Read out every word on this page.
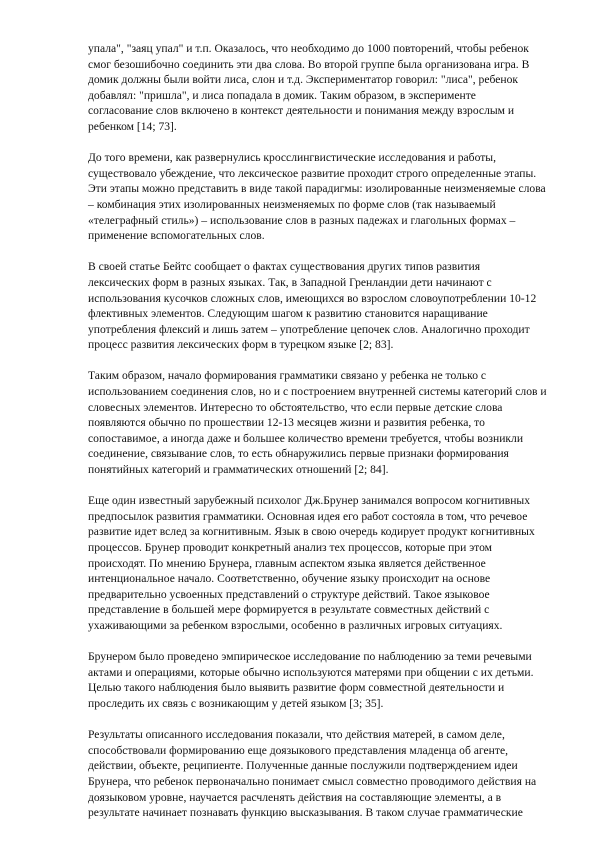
упала", "заяц упал" и т.п. Оказалось, что необходимо до 1000 повторений, чтобы ребенок
смог безошибочно соединить эти два слова. Во второй группе была организована игра. В
домик должны были войти лиса, слон и т.д. Экспериментатор говорил: "лиса", ребенок
добавлял: "пришла", и лиса попадала в домик. Таким образом, в эксперименте
согласование слов включено в контекст деятельности и понимания между взрослым и
ребенком [14; 73].
До того времени, как развернулись кросслингвистические исследования и работы,
существовало убеждение, что лексическое развитие проходит строго определенные этапы.
Эти этапы можно представить в виде такой парадигмы: изолированные неизменяемые слова
– комбинация этих изолированных неизменяемых по форме слов (так называемый
«телеграфный стиль») – использование слов в разных падежах и глагольных формах –
применение вспомогательных слов.
В своей статье Бейтс сообщает о фактах существования других типов развития
лексических форм в разных языках. Так, в Западной Гренландии дети начинают с
использования кусочков сложных слов, имеющихся во взрослом словоупотреблении 10-12
флективных элементов. Следующим шагом к развитию становится наращивание
употребления флексий и лишь затем – употребление цепочек слов. Аналогично проходит
процесс развития лексических форм в турецком языке [2; 83].
Таким образом, начало формирования грамматики связано у ребенка не только с
использованием соединения слов, но и с построением внутренней системы категорий слов и
словесных элементов. Интересно то обстоятельство, что если первые детские слова
появляются обычно по прошествии 12-13 месяцев жизни и развития ребенка, то
сопоставимое, а иногда даже и большее количество времени требуется, чтобы возникли
соединение, связывание слов, то есть обнаружились первые признаки формирования
понятийных категорий и грамматических отношений [2; 84].
Еще один известный зарубежный психолог Дж.Брунер занимался вопросом когнитивных
предпосылок развития грамматики. Основная идея его работ состояла в том, что речевое
развитие идет вслед за когнитивным. Язык в свою очередь кодирует продукт когнитивных
процессов. Брунер проводит конкретный анализ тех процессов, которые при этом
происходят. По мнению Брунера, главным аспектом языка является действенное
интенциональное начало. Соответственно, обучение языку происходит на основе
предварительно усвоенных представлений о структуре действий. Такое языковое
представление в большей мере формируется в результате совместных действий с
ухаживающими за ребенком взрослыми, особенно в различных игровых ситуациях.
Брунером было проведено эмпирическое исследование по наблюдению за теми речевыми
актами и операциями, которые обычно используются матерями при общении с их детьми.
Целью такого наблюдения было выявить развитие форм совместной деятельности и
проследить их связь с возникающим у детей языком [3; 35].
Результаты описанного исследования показали, что действия матерей, в самом деле,
способствовали формированию еще доязыкового представления младенца об агенте,
действии, объекте, реципиенте. Полученные данные послужили подтверждением идеи
Брунера, что ребенок первоначально понимает смысл совместно проводимого действия на
доязыковом уровне, научается расчленять действия на составляющие элементы, а в
результате начинает познавать функцию высказывания. В таком случае грамматические
